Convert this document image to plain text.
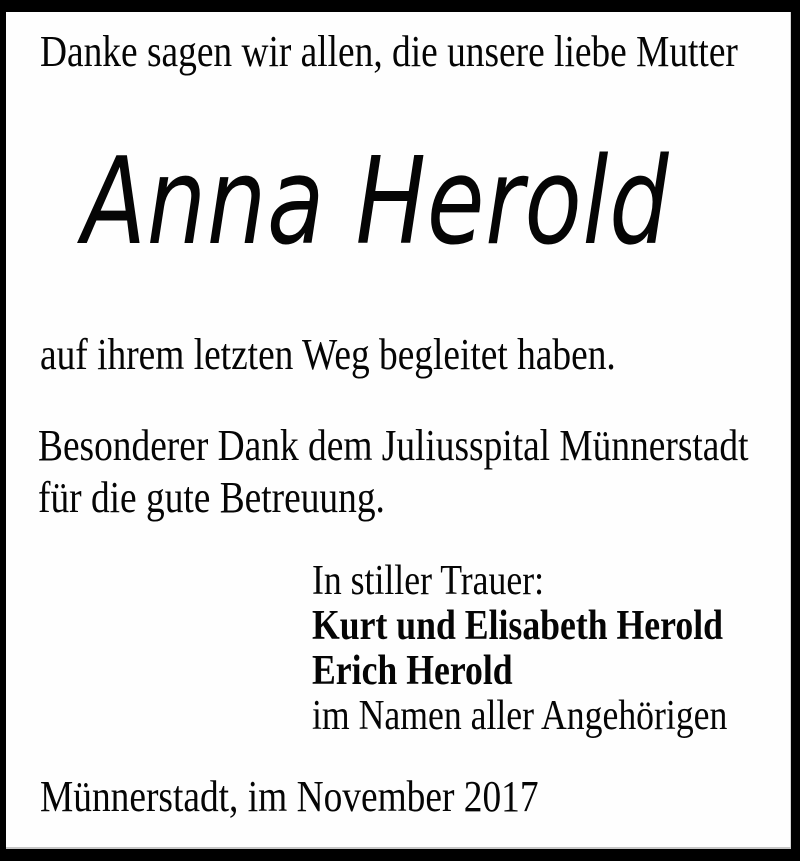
Danke sagen wir allen, die unsere liebe Mutter
Anna Herold
auf ihrem letzten Weg begleitet haben.
Besonderer Dank dem Juliusspital Münnerstadt
für die gute Betreuung.
In stiller Trauer:
Kurt und Elisabeth Herold
Erich Herold
im Namen aller Angehörigen
Münnerstadt, im November 2017
